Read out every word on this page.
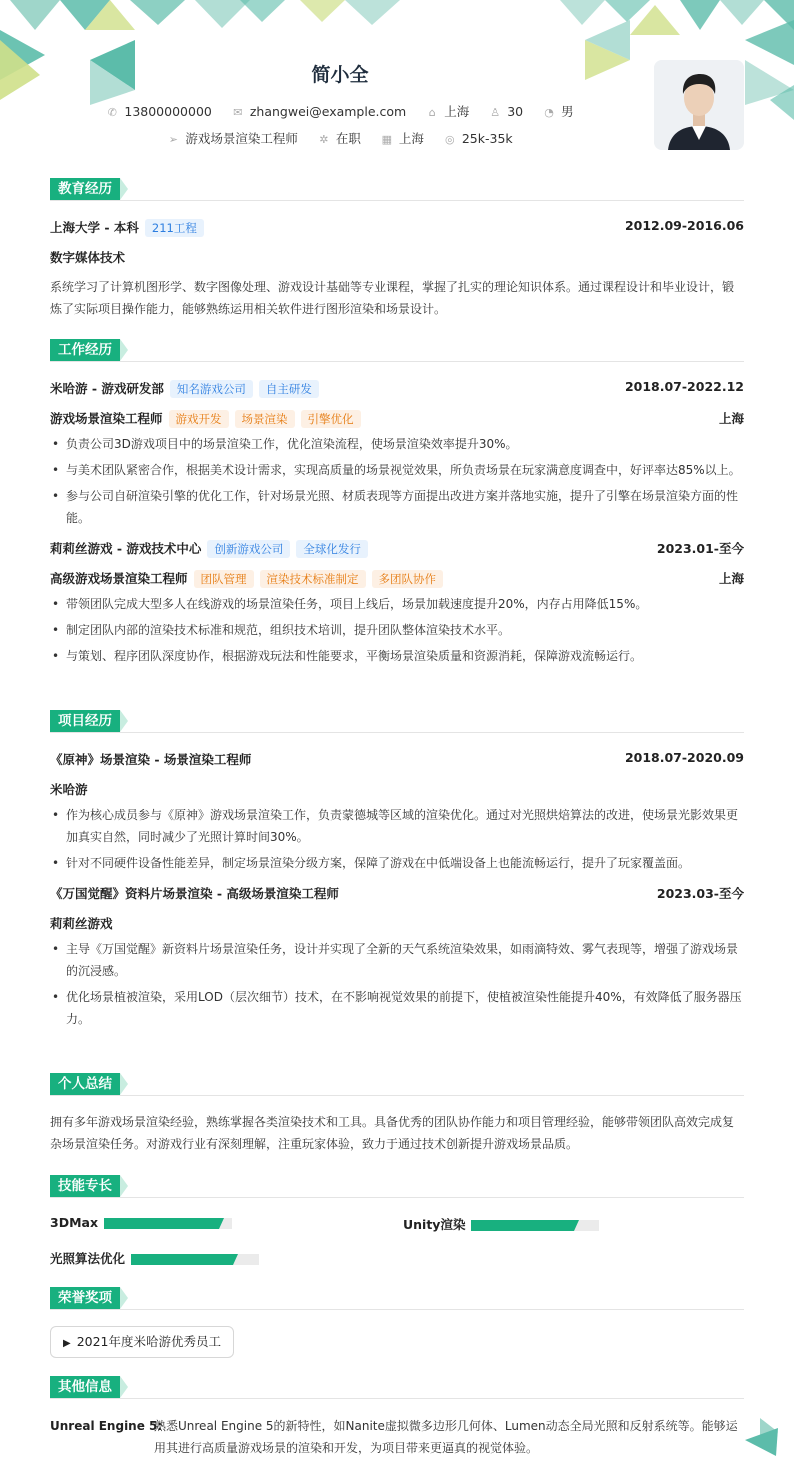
简小全
✆ 13800000000 ✉ zhangwei@example.com ⌂ 上海 ♙ 30 ◔ 男
➢ 游戏场景渲染工程师 ✲ 在职 ▦ 上海 ◎ 25k-35k
教育经历
上海大学 - 本科 211工程	2012.09-2016.06
数字媒体技术
系统学习了计算机图形学、数字图像处理、游戏设计基础等专业课程，掌握了扎实的理论知识体系。通过课程设计和毕业设计，锻炼了实际项目操作能力，能够熟练运用相关软件进行图形渲染和场景设计。
工作经历
米哈游 - 游戏研发部 知名游戏公司 自主研发	2018.07-2022.12
游戏场景渲染工程师 游戏开发 场景渲染 引擎优化	上海
• 负责公司3D游戏项目中的场景渲染工作，优化渲染流程，使场景渲染效率提升30%。
• 与美术团队紧密合作，根据美术设计需求，实现高质量的场景视觉效果，所负责场景在玩家满意度调查中，好评率达85%以上。
• 参与公司自研渲染引擎的优化工作，针对场景光照、材质表现等方面提出改进方案并落地实施，提升了引擎在场景渲染方面的性能。
莉莉丝游戏 - 游戏技术中心 创新游戏公司 全球化发行	2023.01-至今
高级游戏场景渲染工程师 团队管理 渲染技术标准制定 多团队协作	上海
• 带领团队完成大型多人在线游戏的场景渲染任务，项目上线后，场景加载速度提升20%，内存占用降低15%。
• 制定团队内部的渲染技术标准和规范，组织技术培训，提升团队整体渲染技术水平。
• 与策划、程序团队深度协作，根据游戏玩法和性能要求，平衡场景渲染质量和资源消耗，保障游戏流畅运行。
项目经历
《原神》场景渲染 - 场景渲染工程师	2018.07-2020.09
米哈游
• 作为核心成员参与《原神》游戏场景渲染工作，负责蒙德城等区域的渲染优化。通过对光照烘焙算法的改进，使场景光影效果更加真实自然，同时减少了光照计算时间30%。
• 针对不同硬件设备性能差异，制定场景渲染分级方案，保障了游戏在中低端设备上也能流畅运行，提升了玩家覆盖面。
《万国觉醒》资料片场景渲染 - 高级场景渲染工程师	2023.03-至今
莉莉丝游戏
• 主导《万国觉醒》新资料片场景渲染任务，设计并实现了全新的天气系统渲染效果，如雨滴特效、雾气表现等，增强了游戏场景的沉浸感。
• 优化场景植被渲染，采用LOD（层次细节）技术，在不影响视觉效果的前提下，使植被渲染性能提升40%，有效降低了服务器压力。
个人总结
拥有多年游戏场景渲染经验，熟练掌握各类渲染技术和工具。具备优秀的团队协作能力和项目管理经验，能够带领团队高效完成复杂场景渲染任务。对游戏行业有深刻理解，注重玩家体验，致力于通过技术创新提升游戏场景品质。
技能专长
3DMax	Unity渲染
光照算法优化
荣誉奖项
▶ 2021年度米哈游优秀员工
其他信息
Unreal Engine 5:
熟悉Unreal Engine 5的新特性，如Nanite虚拟微多边形几何体、Lumen动态全局光照和反射系统等。能够运用其进行高质量游戏场景的渲染和开发，为项目带来更逼真的视觉体验。
